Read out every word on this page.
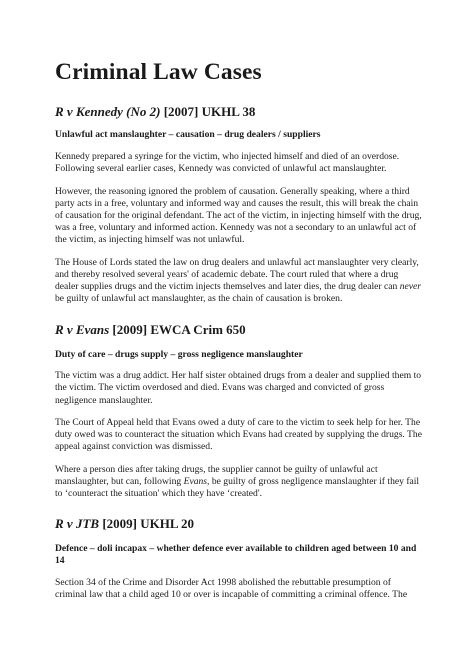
Criminal Law Cases
R v Kennedy (No 2) [2007] UKHL 38

Unlawful act manslaughter – causation – drug dealers / suppliers

Kennedy prepared a syringe for the victim, who injected himself and died of an overdose. Following several earlier cases, Kennedy was convicted of unlawful act manslaughter.

However, the reasoning ignored the problem of causation. Generally speaking, where a third party acts in a free, voluntary and informed way and causes the result, this will break the chain of causation for the original defendant. The act of the victim, in injecting himself with the drug, was a free, voluntary and informed action. Kennedy was not a secondary to an unlawful act of the victim, as injecting himself was not unlawful.

The House of Lords stated the law on drug dealers and unlawful act manslaughter very clearly, and thereby resolved several years' of academic debate. The court ruled that where a drug dealer supplies drugs and the victim injects themselves and later dies, the drug dealer can never be guilty of unlawful act manslaughter, as the chain of causation is broken.

R v Evans [2009] EWCA Crim 650

Duty of care – drugs supply – gross negligence manslaughter

The victim was a drug addict. Her half sister obtained drugs from a dealer and supplied them to the victim. The victim overdosed and died. Evans was charged and convicted of gross negligence manslaughter.

The Court of Appeal held that Evans owed a duty of care to the victim to seek help for her. The duty owed was to counteract the situation which Evans had created by supplying the drugs. The appeal against conviction was dismissed.

Where a person dies after taking drugs, the supplier cannot be guilty of unlawful act manslaughter, but can, following Evans, be guilty of gross negligence manslaughter if they fail to ‘counteract the situation' which they have ‘created'.

R v JTB [2009] UKHL 20

Defence – doli incapax – whether defence ever available to children aged between 10 and 14

Section 34 of the Crime and Disorder Act 1998 abolished the rebuttable presumption of criminal law that a child aged 10 or over is incapable of committing a criminal offence. The
